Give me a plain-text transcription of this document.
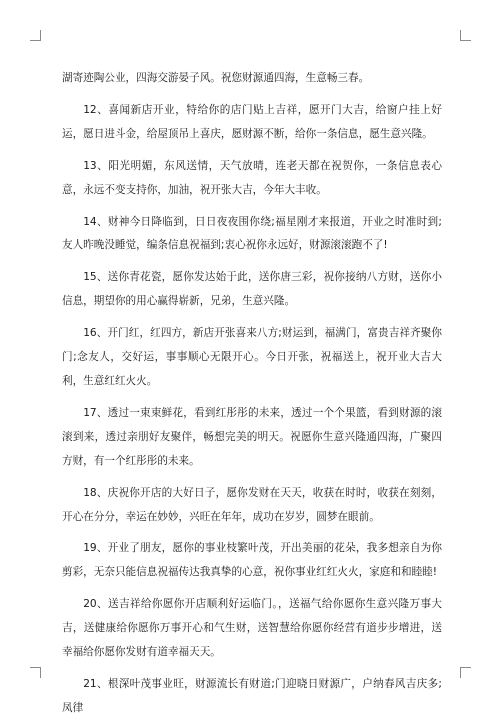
湖寄迹陶公业，四海交游晏子风。祝您财源通四海，生意畅三春。

12、喜闻新店开业，特给你的店门贴上吉祥，愿开门大吉，给窗户挂上好运，愿日进斗金，给屋顶吊上喜庆，愿财源不断，给你一条信息，愿生意兴隆。

13、阳光明媚，东风送情，天气放晴，连老天都在祝贺你，一条信息表心意，永远不变支持你，加油，祝开张大吉，今年大丰收。

14、财神今日降临到，日日夜夜围你绕;福星刚才来报道，开业之时准时到;友人昨晚没睡觉，编条信息祝福到;衷心祝你永远好，财源滚滚跑不了!

15、送你青花瓷，愿你发达始于此，送你唐三彩，祝你接纳八方财，送你小信息，期望你的用心赢得崭新，兄弟，生意兴隆。

16、开门红，红四方，新店开张喜来八方;财运到，福满门，富贵吉祥齐聚你门;念友人，交好运，事事顺心无限开心。今日开张，祝福送上，祝开业大吉大利，生意红红火火。

17、透过一束束鲜花，看到红彤彤的未来，透过一个个果篮，看到财源的滚滚到来，透过亲朋好友聚伴，畅想完美的明天。祝愿你生意兴隆通四海，广聚四方财，有一个红彤彤的未来。

18、庆祝你开店的大好日子，愿你发财在天天，收获在时时，收获在刻刻，开心在分分，幸运在妙妙，兴旺在年年，成功在岁岁，圆梦在眼前。

19、开业了朋友，愿你的事业枝繁叶茂，开出美丽的花朵，我多想亲自为你剪彩，无奈只能信息祝福传达我真挚的心意，祝你事业红红火火，家庭和和睦睦!

20、送吉祥给你愿你开店顺利好运临门。，送福气给你愿你生意兴隆万事大吉，送健康给你愿你万事开心和气生财，送智慧给你愿你经营有道步步增进，送幸福给你愿你发财有道幸福天天。

21、根深叶茂事业旺，财源流长有财道;门迎晓日财源广，户纳春风吉庆多;凤律
